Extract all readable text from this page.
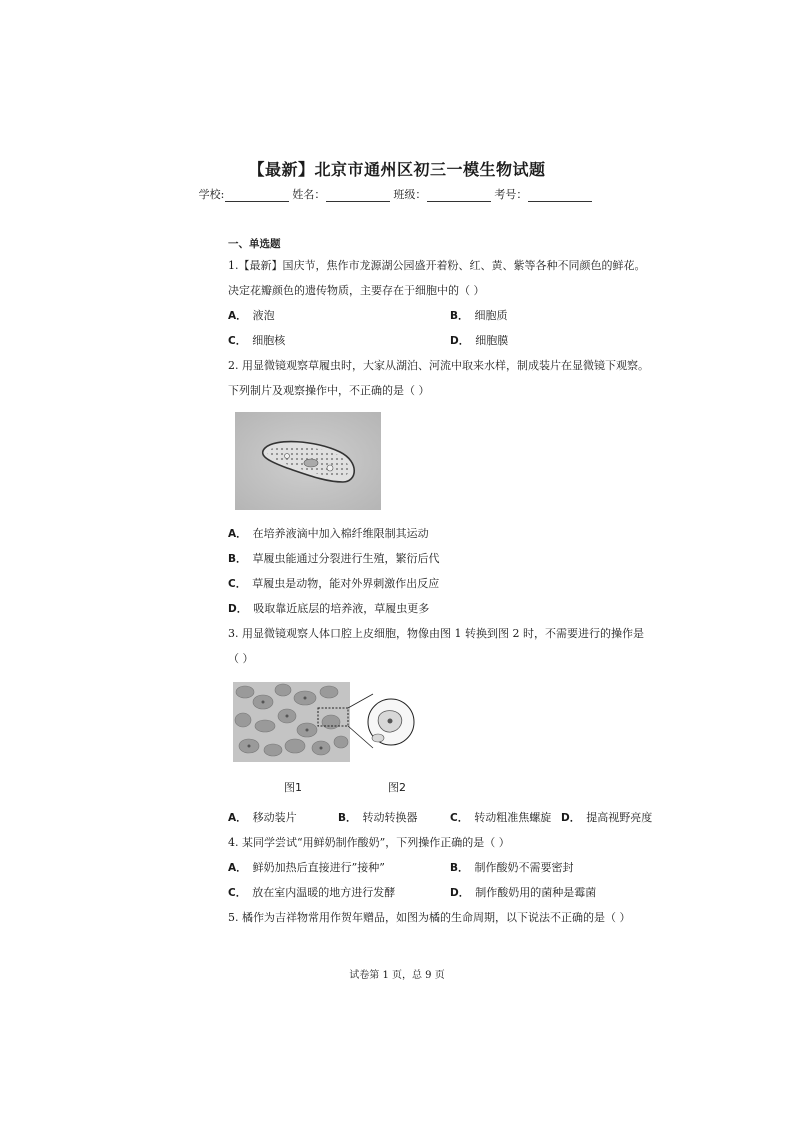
【最新】北京市通州区初三一模生物试题
学校:	姓名：	班级：	考号：
一、单选题
1.【最新】国庆节，焦作市龙源湖公园盛开着粉、红、黄、紫等各种不同颜色的鲜花。
决定花瓣颜色的遗传物质，主要存在于细胞中的（ ）
A． 液泡	B． 细胞质
C． 细胞核	D． 细胞膜
2. 用显微镜观察草履虫时，大家从湖泊、河流中取来水样，制成装片在显微镜下观察。
下列制片及观察操作中，不正确的是（ ）
A． 在培养液滴中加入棉纤维限制其运动
B． 草履虫能通过分裂进行生殖，繁衍后代
C． 草履虫是动物，能对外界刺激作出反应
D． 吸取靠近底层的培养液，草履虫更多
3. 用显微镜观察人体口腔上皮细胞，物像由图 1 转换到图 2 时，不需要进行的操作是
（ ）
图1	图2
A． 移动装片	B． 转动转换器	C． 转动粗准焦螺旋 D． 提高视野亮度
4. 某同学尝试“用鲜奶制作酸奶”，下列操作正确的是（ ）
A． 鲜奶加热后直接进行”接种”	B． 制作酸奶不需要密封
C． 放在室内温暖的地方进行发酵	D． 制作酸奶用的菌种是霉菌
5. 橘作为吉祥物常用作贺年赠品，如图为橘的生命周期，以下说法不正确的是（ ）
试卷第 1 页，总 9 页
